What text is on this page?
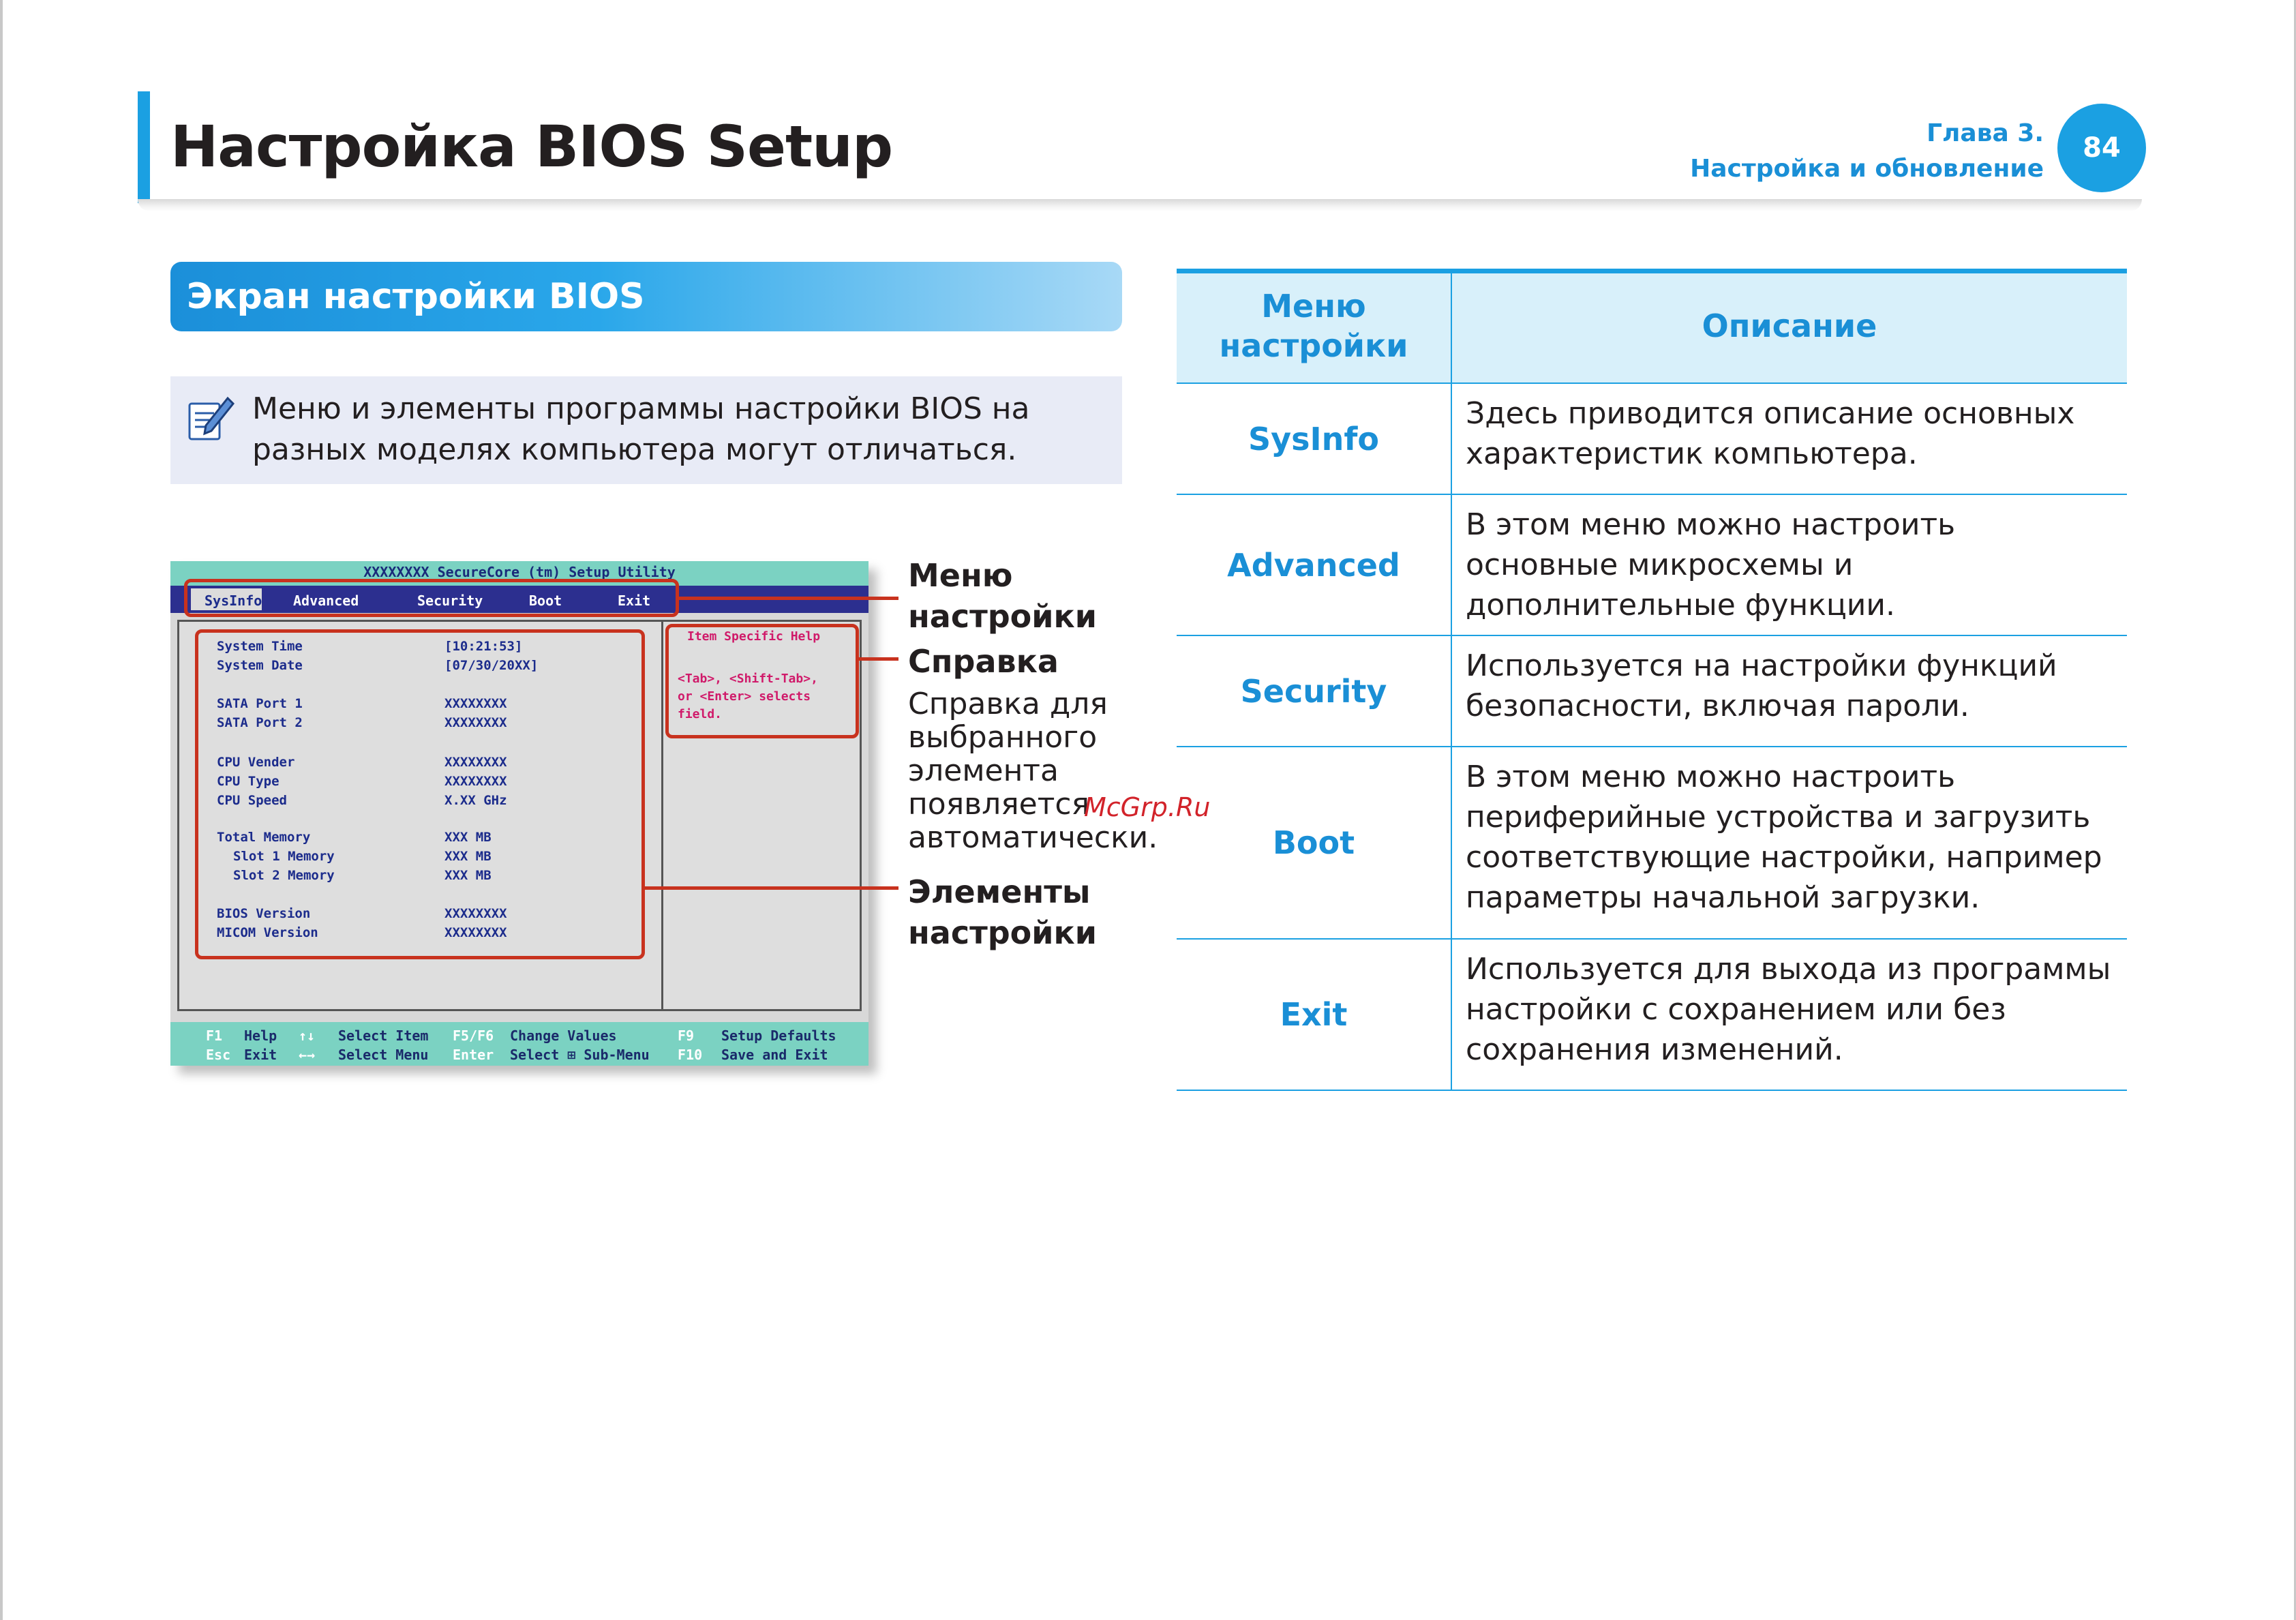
Настройка BIOS Setup	Глава 3.
Настройка и обновление
84
Экран настройки BIOS
Меню и элементы программы настройки BIOS на разных моделях компьютера могут отличаться.
XXXXXXXX SecureCore (tm) Setup Utility
SysInfo Advanced	Security	Boot	Exit
System Time	[10:21:53]
System Date	[07/30/20XX]
SATA Port 1	XXXXXXXX
SATA Port 2	XXXXXXXX
CPU Vender	XXXXXXXX
CPU Type	XXXXXXXX
CPU Speed	X.XX GHz
Total Memory	XXX MB
Slot 1 Memory	XXX MB
Slot 2 Memory	XXX MB
BIOS Version	XXXXXXXX
MICOM Version	XXXXXXXX
Item Specific Help
<Tab>, <Shift-Tab>,
or <Enter> selects
field.
F1 Help ↑↓ Select Item F5/F6 Change Values	F9 Setup Defaults
Esc Exit ←→ Select Menu Enter Select ⊞ Sub-Menu F10 Save and Exit
Меню настройки
Справка
Справка для выбранного элемента появляется автоматически.
Элементы настройки
McGrp.Ru
Меню настройки	Описание
SysInfo	Здесь приводится описание основных характеристик компьютера.
Advanced	В этом меню можно настроить основные микросхемы и дополнительные функции.
Security	Используется на настройки функций безопасности, включая пароли.
Boot	В этом меню можно настроить периферийные устройства и загрузить соответствующие настройки, например параметры начальной загрузки.
Exit	Используется для выхода из программы настройки с сохранением или без сохранения изменений.
